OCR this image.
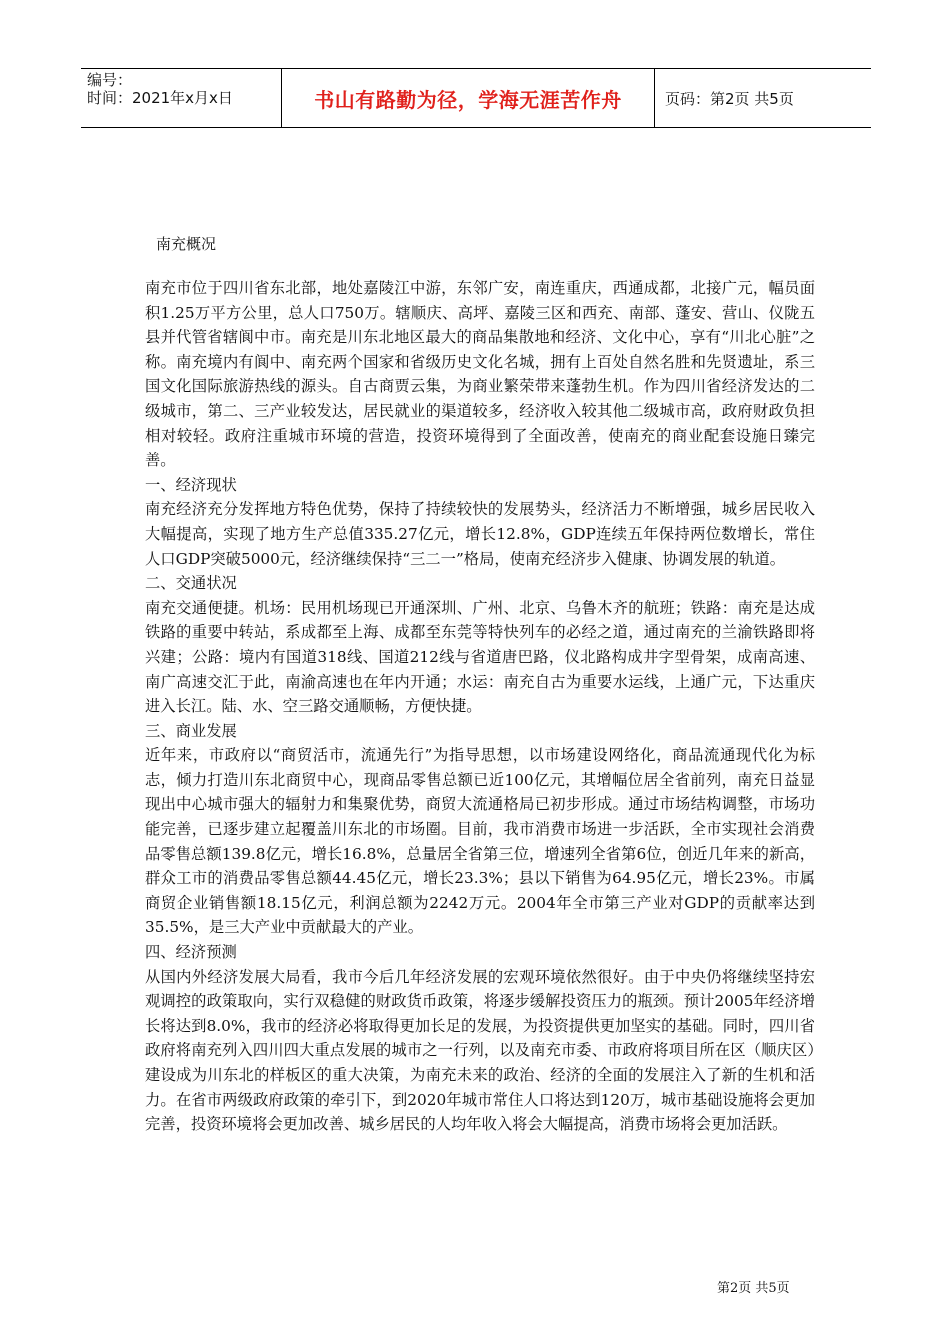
编号：
时间：2021年x月x日	书山有路勤为径，学海无涯苦作舟	页码：第2页 共5页
南充概况

南充市位于四川省东北部，地处嘉陵江中游，东邻广安，南连重庆，西通成都，北接广元，幅员面积1.25万平方公里，总人口750万。辖顺庆、高坪、嘉陵三区和西充、南部、蓬安、营山、仪陇五县并代管省辖阆中市。南充是川东北地区最大的商品集散地和经济、文化中心，享有“川北心脏”之称。南充境内有阆中、南充两个国家和省级历史文化名城，拥有上百处自然名胜和先贤遗址，系三国文化国际旅游热线的源头。自古商贾云集，为商业繁荣带来蓬勃生机。作为四川省经济发达的二级城市，第二、三产业较发达，居民就业的渠道较多，经济收入较其他二级城市高，政府财政负担相对较轻。政府注重城市环境的营造，投资环境得到了全面改善，使南充的商业配套设施日臻完善。

一、经济现状

南充经济充分发挥地方特色优势，保持了持续较快的发展势头，经济活力不断增强，城乡居民收入大幅提高，实现了地方生产总值335.27亿元，增长12.8%，GDP连续五年保持两位数增长，常住人口GDP突破5000元，经济继续保持“三二一”格局，使南充经济步入健康、协调发展的轨道。

二、交通状况

南充交通便捷。机场：民用机场现已开通深圳、广州、北京、乌鲁木齐的航班；铁路：南充是达成铁路的重要中转站，系成都至上海、成都至东莞等特快列车的必经之道，通过南充的兰渝铁路即将兴建；公路：境内有国道318线、国道212线与省道唐巴路，仪北路构成井字型骨架，成南高速、南广高速交汇于此，南渝高速也在年内开通；水运：南充自古为重要水运线，上通广元，下达重庆进入长江。陆、水、空三路交通顺畅，方便快捷。

三、商业发展

近年来，市政府以“商贸活市，流通先行”为指导思想，以市场建设网络化，商品流通现代化为标志，倾力打造川东北商贸中心，现商品零售总额已近100亿元，其增幅位居全省前列，南充日益显现出中心城市强大的辐射力和集聚优势，商贸大流通格局已初步形成。通过市场结构调整，市场功能完善，已逐步建立起覆盖川东北的市场圈。目前，我市消费市场进一步活跃，全市实现社会消费品零售总额139.8亿元，增长16.8%，总量居全省第三位，增速列全省第6位，创近几年来的新高，群众工市的消费品零售总额44.45亿元，增长23.3%；县以下销售为64.95亿元，增长23%。市属商贸企业销售额18.15亿元，利润总额为2242万元。2004年全市第三产业对GDP的贡献率达到35.5%，是三大产业中贡献最大的产业。

四、经济预测

从国内外经济发展大局看，我市今后几年经济发展的宏观环境依然很好。由于中央仍将继续坚持宏观调控的政策取向，实行双稳健的财政货币政策，将逐步缓解投资压力的瓶颈。预计2005年经济增长将达到8.0%，我市的经济必将取得更加长足的发展，为投资提供更加坚实的基础。同时，四川省政府将南充列入四川四大重点发展的城市之一行列，以及南充市委、市政府将项目所在区（顺庆区）建设成为川东北的样板区的重大决策，为南充未来的政治、经济的全面的发展注入了新的生机和活力。在省市两级政府政策的牵引下，到2020年城市常住人口将达到120万，城市基础设施将会更加完善，投资环境将会更加改善、城乡居民的人均年收入将会大幅提高，消费市场将会更加活跃。

第2页 共5页
